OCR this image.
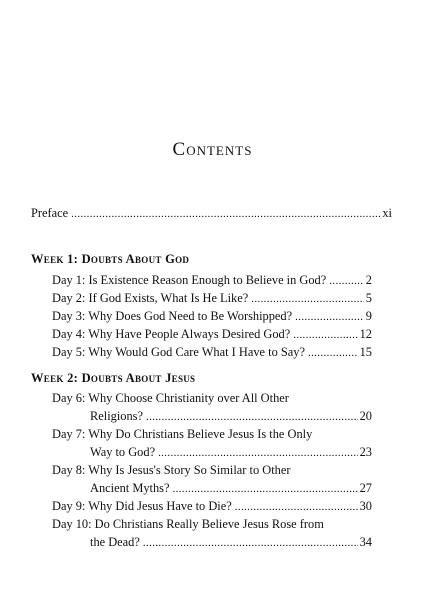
Contents
Preface . . .	xi
Week 1: Doubts About God
Day 1: Is Existence Reason Enough to Believe in God? . . .	2
Day 2: If God Exists, What Is He Like? . . .	5
Day 3: Why Does God Need to Be Worshipped? . . .	9
Day 4: Why Have People Always Desired God? . . .	12
Day 5: Why Would God Care What I Have to Say? . . .	15
Week 2: Doubts About Jesus
Day 6: Why Choose Christianity over All Other
Religions? . . .	20
Day 7: Why Do Christians Believe Jesus Is the Only
Way to God? . . .	23
Day 8: Why Is Jesus's Story So Similar to Other
Ancient Myths? . . .	27
Day 9: Why Did Jesus Have to Die? . . .	30
Day 10: Do Christians Really Believe Jesus Rose from
the Dead? . . .	34
